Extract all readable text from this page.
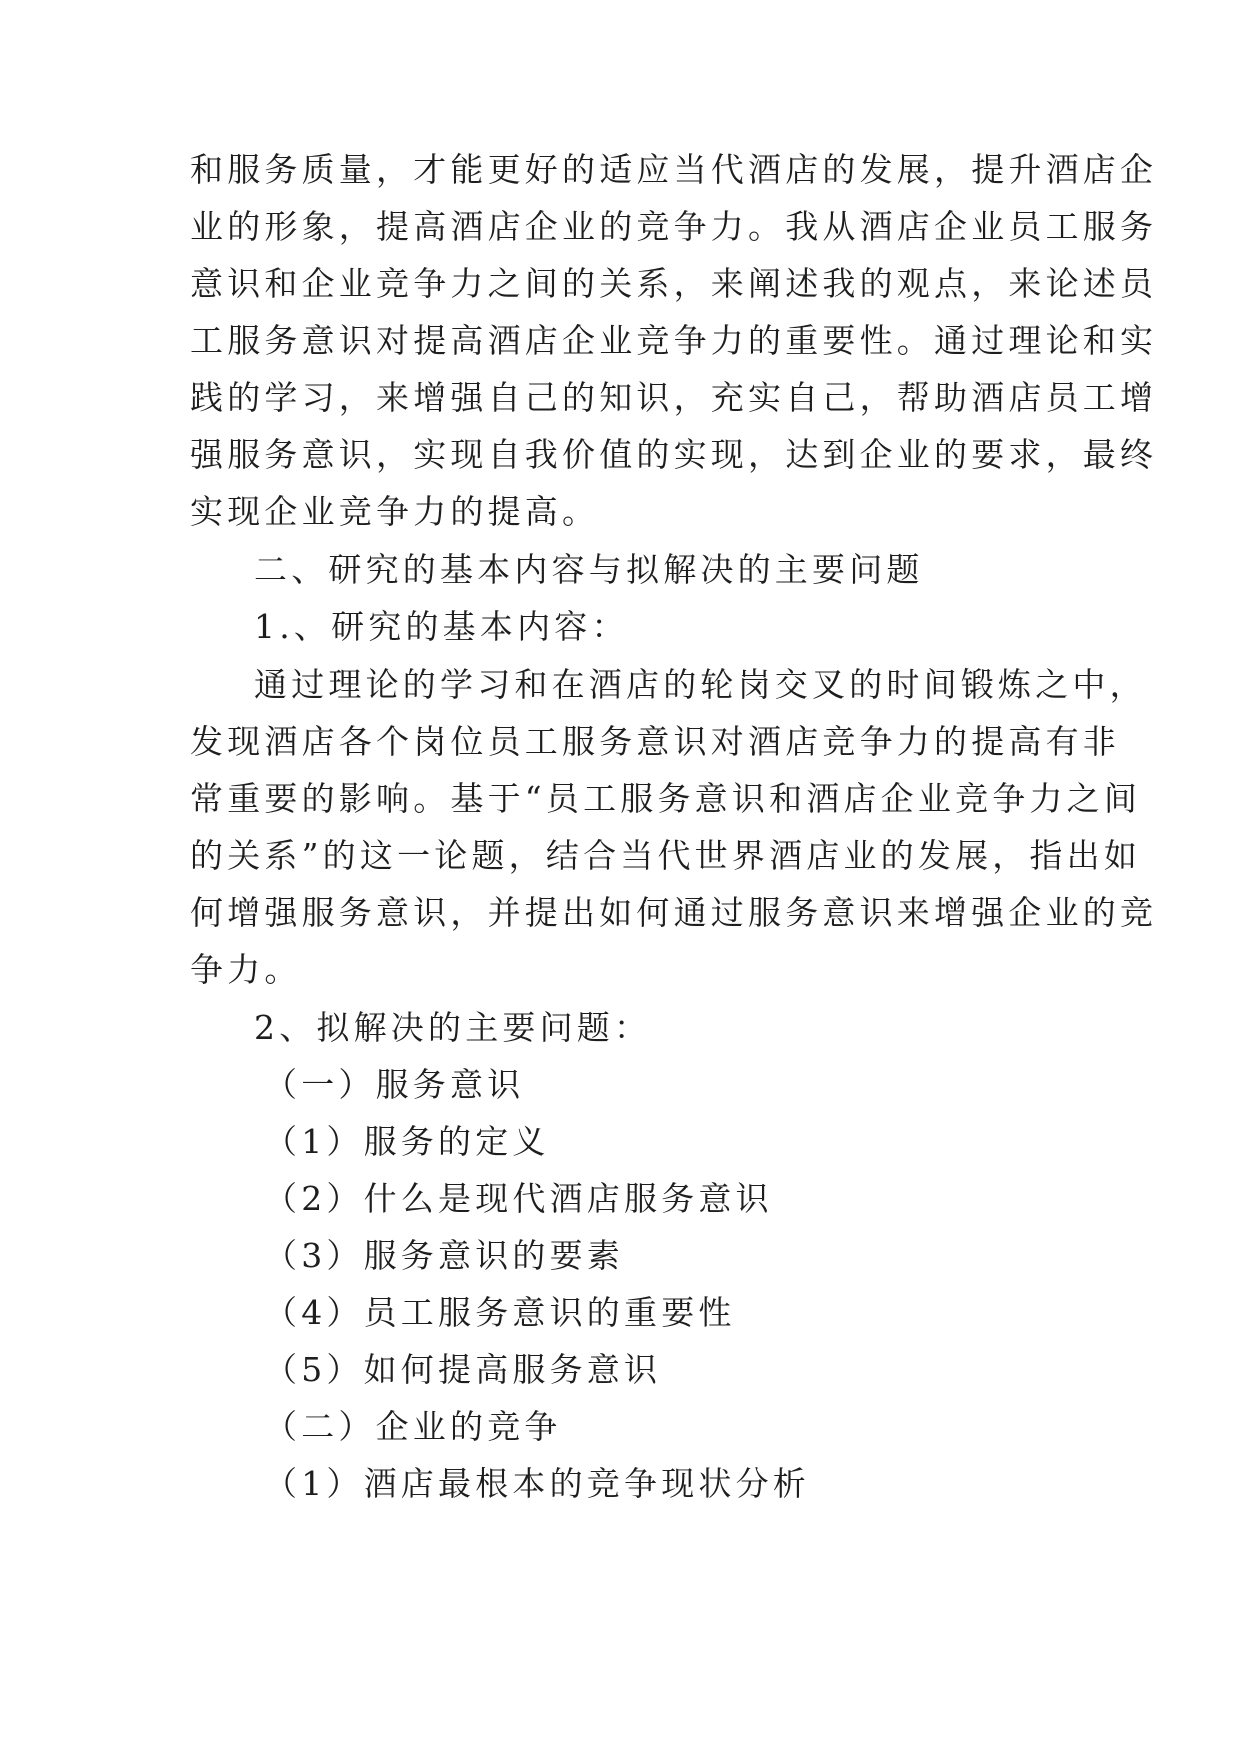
和服务质量，才能更好的适应当代酒店的发展，提升酒店企
业的形象，提高酒店企业的竞争力。我从酒店企业员工服务
意识和企业竞争力之间的关系，来阐述我的观点，来论述员
工服务意识对提高酒店企业竞争力的重要性。通过理论和实
践的学习，来增强自己的知识，充实自己，帮助酒店员工增
强服务意识，实现自我价值的实现，达到企业的要求，最终
实现企业竞争力的提高。
二、研究的基本内容与拟解决的主要问题
1.、研究的基本内容：
通过理论的学习和在酒店的轮岗交叉的时间锻炼之中，
发现酒店各个岗位员工服务意识对酒店竞争力的提高有非
常重要的影响。基于“员工服务意识和酒店企业竞争力之间
的关系”的这一论题，结合当代世界酒店业的发展，指出如
何增强服务意识，并提出如何通过服务意识来增强企业的竞
争力。
2、拟解决的主要问题：
（一）服务意识
（1）服务的定义
（2）什么是现代酒店服务意识
（3）服务意识的要素
（4）员工服务意识的重要性
（5）如何提高服务意识
（二）企业的竞争
（1）酒店最根本的竞争现状分析
